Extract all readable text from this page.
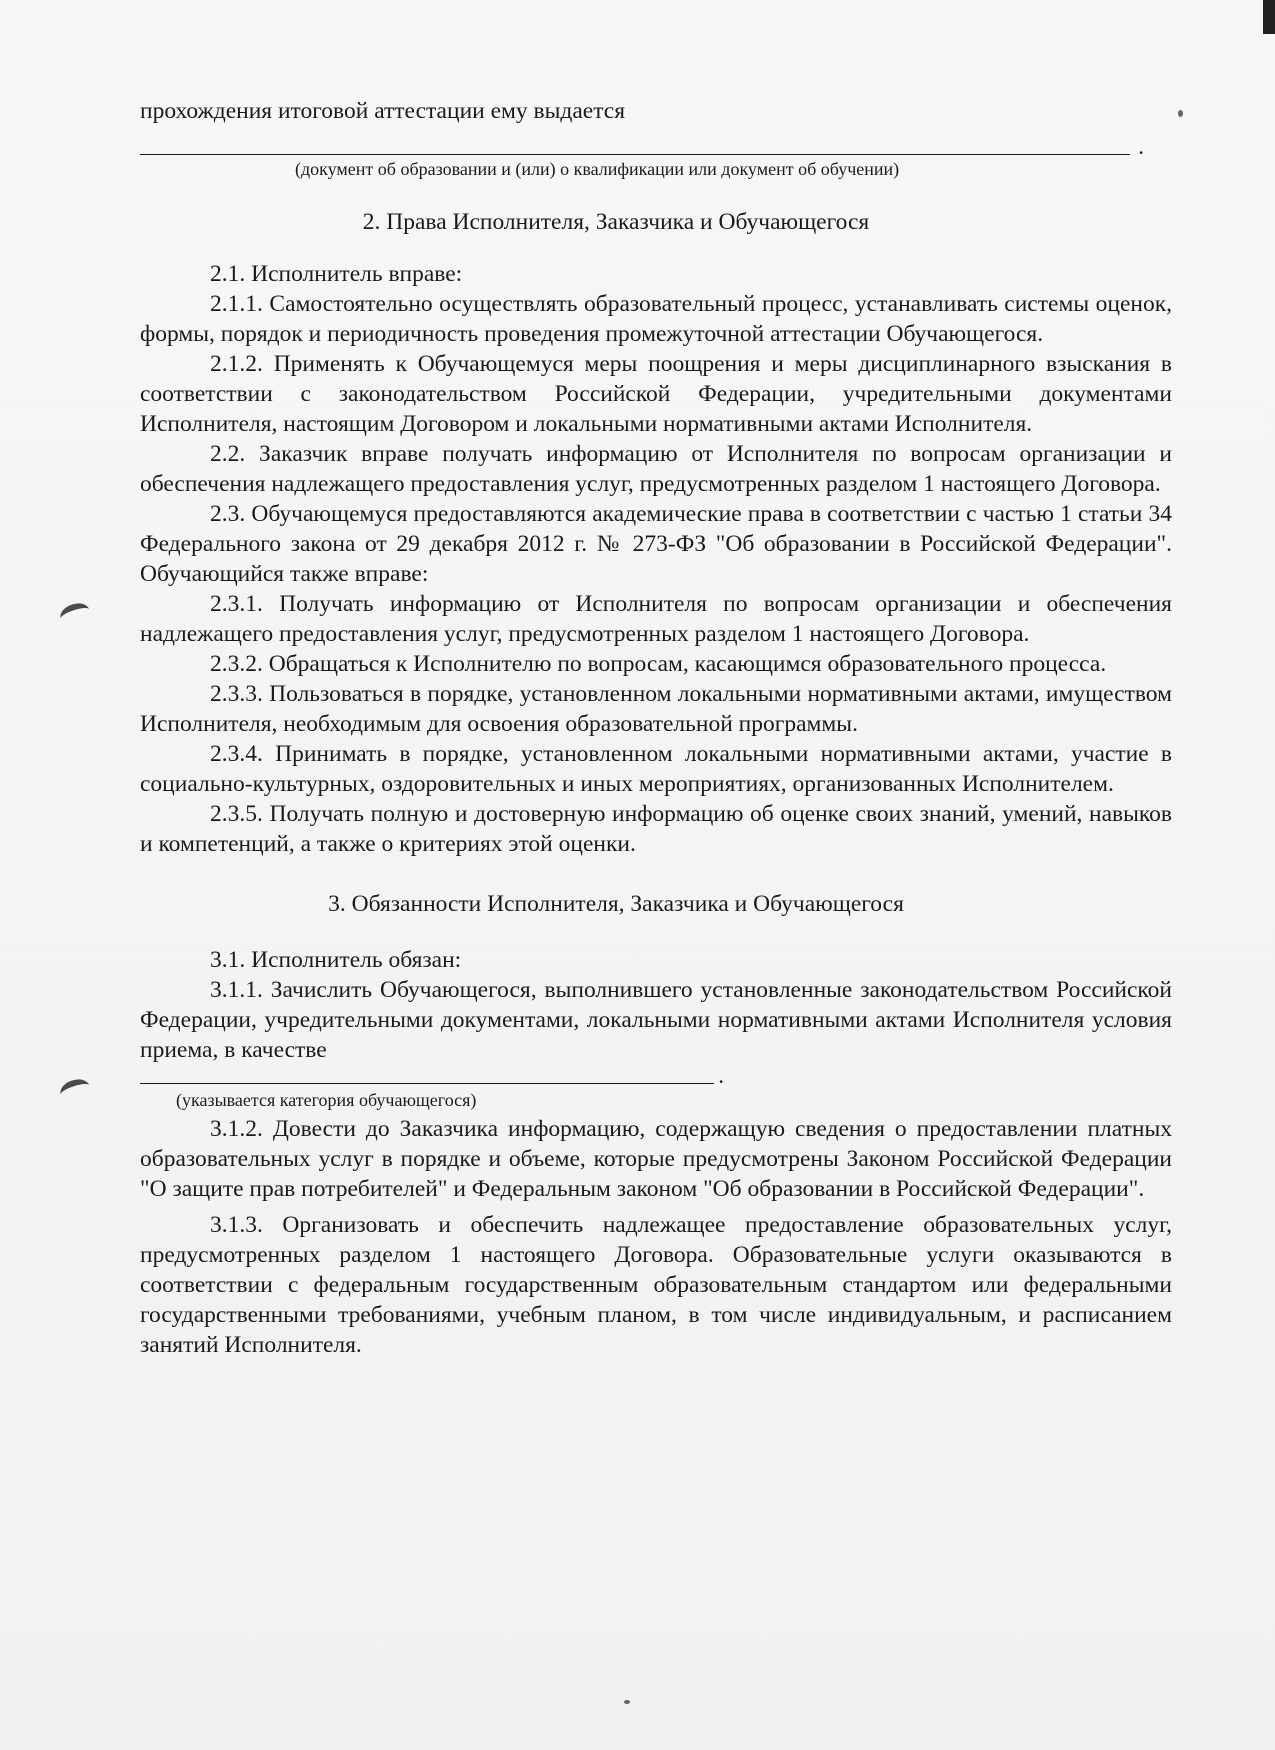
прохождения итоговой аттестации ему выдается

.

(документ об образовании и (или) о квалификации или документ об обучении)

2. Права Исполнителя, Заказчика и Обучающегося

2.1. Исполнитель вправе:

2.1.1. Самостоятельно осуществлять образовательный процесс, устанавливать системы оценок, формы, порядок и периодичность проведения промежуточной аттестации Обучающегося.

2.1.2. Применять к Обучающемуся меры поощрения и меры дисциплинарного взыскания в соответствии с законодательством Российской Федерации, учредительными документами Исполнителя, настоящим Договором и локальными нормативными актами Исполнителя.

2.2. Заказчик вправе получать информацию от Исполнителя по вопросам организации и обеспечения надлежащего предоставления услуг, предусмотренных разделом 1 настоящего Договора.

2.3. Обучающемуся предоставляются академические права в соответствии с частью 1 статьи 34 Федерального закона от 29 декабря 2012 г. № 273-ФЗ "Об образовании в Российской Федерации". Обучающийся также вправе:

2.3.1. Получать информацию от Исполнителя по вопросам организации и обеспечения надлежащего предоставления услуг, предусмотренных разделом 1 настоящего Договора.

2.3.2. Обращаться к Исполнителю по вопросам, касающимся образовательного процесса.

2.3.3. Пользоваться в порядке, установленном локальными нормативными актами, имуществом Исполнителя, необходимым для освоения образовательной программы.

2.3.4. Принимать в порядке, установленном локальными нормативными актами, участие в социально-культурных, оздоровительных и иных мероприятиях, организованных Исполнителем.

2.3.5. Получать полную и достоверную информацию об оценке своих знаний, умений, навыков и компетенций, а также о критериях этой оценки.

3. Обязанности Исполнителя, Заказчика и Обучающегося

3.1. Исполнитель обязан:

3.1.1. Зачислить Обучающегося, выполнившего установленные законодательством Российской Федерации, учредительными документами, локальными нормативными актами Исполнителя условия приема, в качестве

.

(указывается категория обучающегося)

3.1.2. Довести до Заказчика информацию, содержащую сведения о предоставлении платных образовательных услуг в порядке и объеме, которые предусмотрены Законом Российской Федерации "О защите прав потребителей" и Федеральным законом "Об образовании в Российской Федерации".

3.1.3. Организовать и обеспечить надлежащее предоставление образовательных услуг, предусмотренных разделом 1 настоящего Договора. Образовательные услуги оказываются в соответствии с федеральным государственным образовательным стандартом или федеральными государственными требованиями, учебным планом, в том числе индивидуальным, и расписанием занятий Исполнителя.
